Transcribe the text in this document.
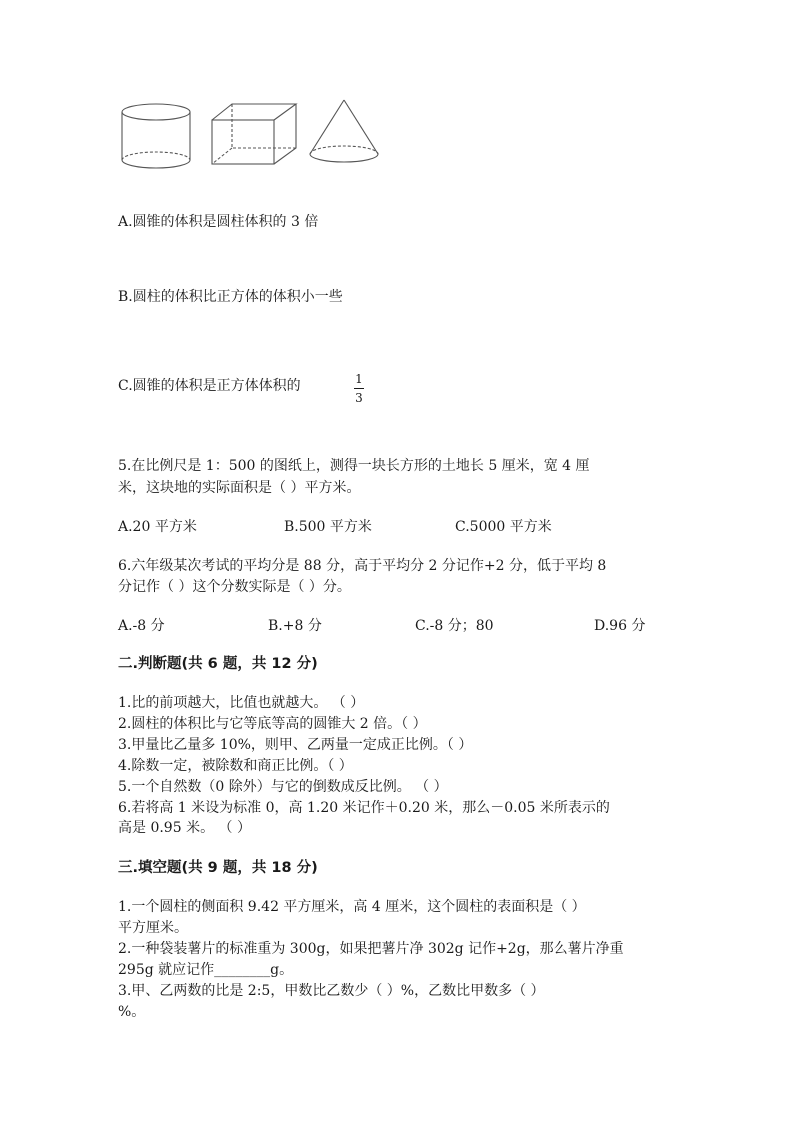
A.圆锥的体积是圆柱体积的 3 倍
B.圆柱的体积比正方体的体积小一些
C.圆锥的体积是正方体体积的	1
3
5.在比例尺是 1：500 的图纸上，测得一块长方形的土地长 5 厘米，宽 4 厘
米，这块地的实际面积是（ ）平方米。
A.20 平方米	B.500 平方米	C.5000 平方米
6.六年级某次考试的平均分是 88 分，高于平均分 2 分记作+2 分，低于平均 8
分记作（ ）这个分数实际是（ ）分。
A.-8 分	B.+8 分	C.-8 分；80	D.96 分
二.判断题(共 6 题，共 12 分)
1.比的前项越大，比值也就越大。 （ ）
2.圆柱的体积比与它等底等高的圆锥大 2 倍。（ ）
3.甲量比乙量多 10%，则甲、乙两量一定成正比例。（ ）
4.除数一定，被除数和商正比例。（ ）
5.一个自然数（0 除外）与它的倒数成反比例。 （ ）
6.若将高 1 米设为标准 0，高 1.20 米记作＋0.20 米，那么－0.05 米所表示的
高是 0.95 米。 （ ）
三.填空题(共 9 题，共 18 分)
1.一个圆柱的侧面积 9.42 平方厘米，高 4 厘米，这个圆柱的表面积是（ ）
平方厘米。
2.一种袋装薯片的标准重为 300g，如果把薯片净 302g 记作+2g，那么薯片净重
295g 就应记作________g。
3.甲、乙两数的比是 2:5，甲数比乙数少（ ）%，乙数比甲数多（ ）
%。
